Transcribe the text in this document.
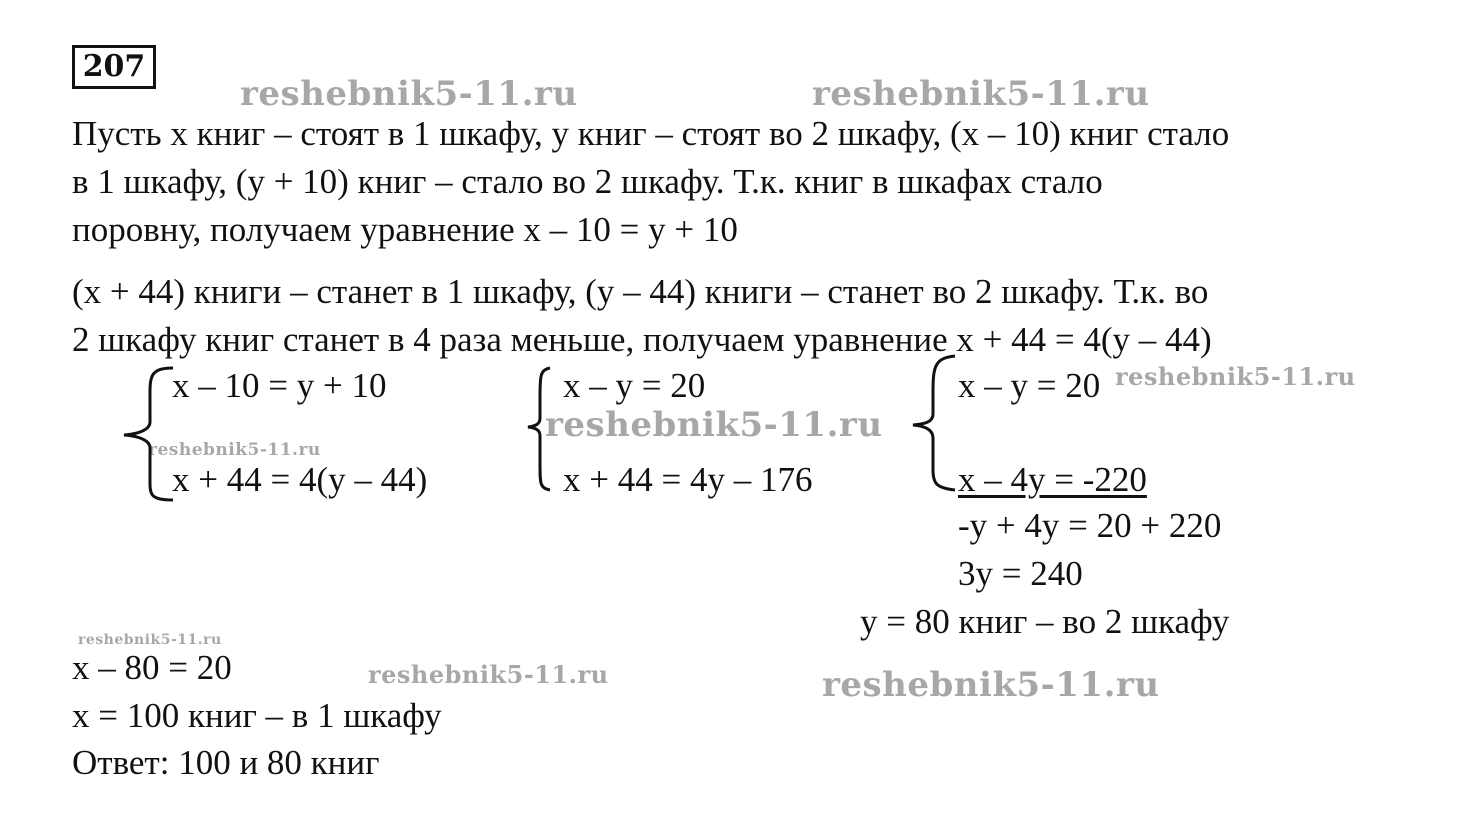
207
reshebnik5-11.ru	reshebnik5-11.ru
reshebnik5-11.ru
reshebnik5-11.ru
reshebnik5-11.ru
reshebnik5-11.ru
reshebnik5-11.ru	reshebnik5-11.ru
Пусть х книг – стоят в 1 шкафу, у книг – стоят во 2 шкафу, (х – 10) книг стало
в 1 шкафу, (у + 10) книг – стало во 2 шкафу. Т.к. книг в шкафах стало
поровну, получаем уравнение х – 10 = у + 10
(х + 44) книги – станет в 1 шкафу, (у – 44) книги – станет во 2 шкафу. Т.к. во
2 шкафу книг станет в 4 раза меньше, получаем уравнение х + 44 = 4(у – 44)
х – 10 = у + 10
х + 44 = 4(у – 44)
х – у = 20
х + 44 = 4у – 176
х – у = 20
х – 4у = -220
-у + 4у = 20 + 220
3у = 240
у = 80 книг – во 2 шкафу
х – 80 = 20
х = 100 книг – в 1 шкафу
Ответ: 100 и 80 книг
